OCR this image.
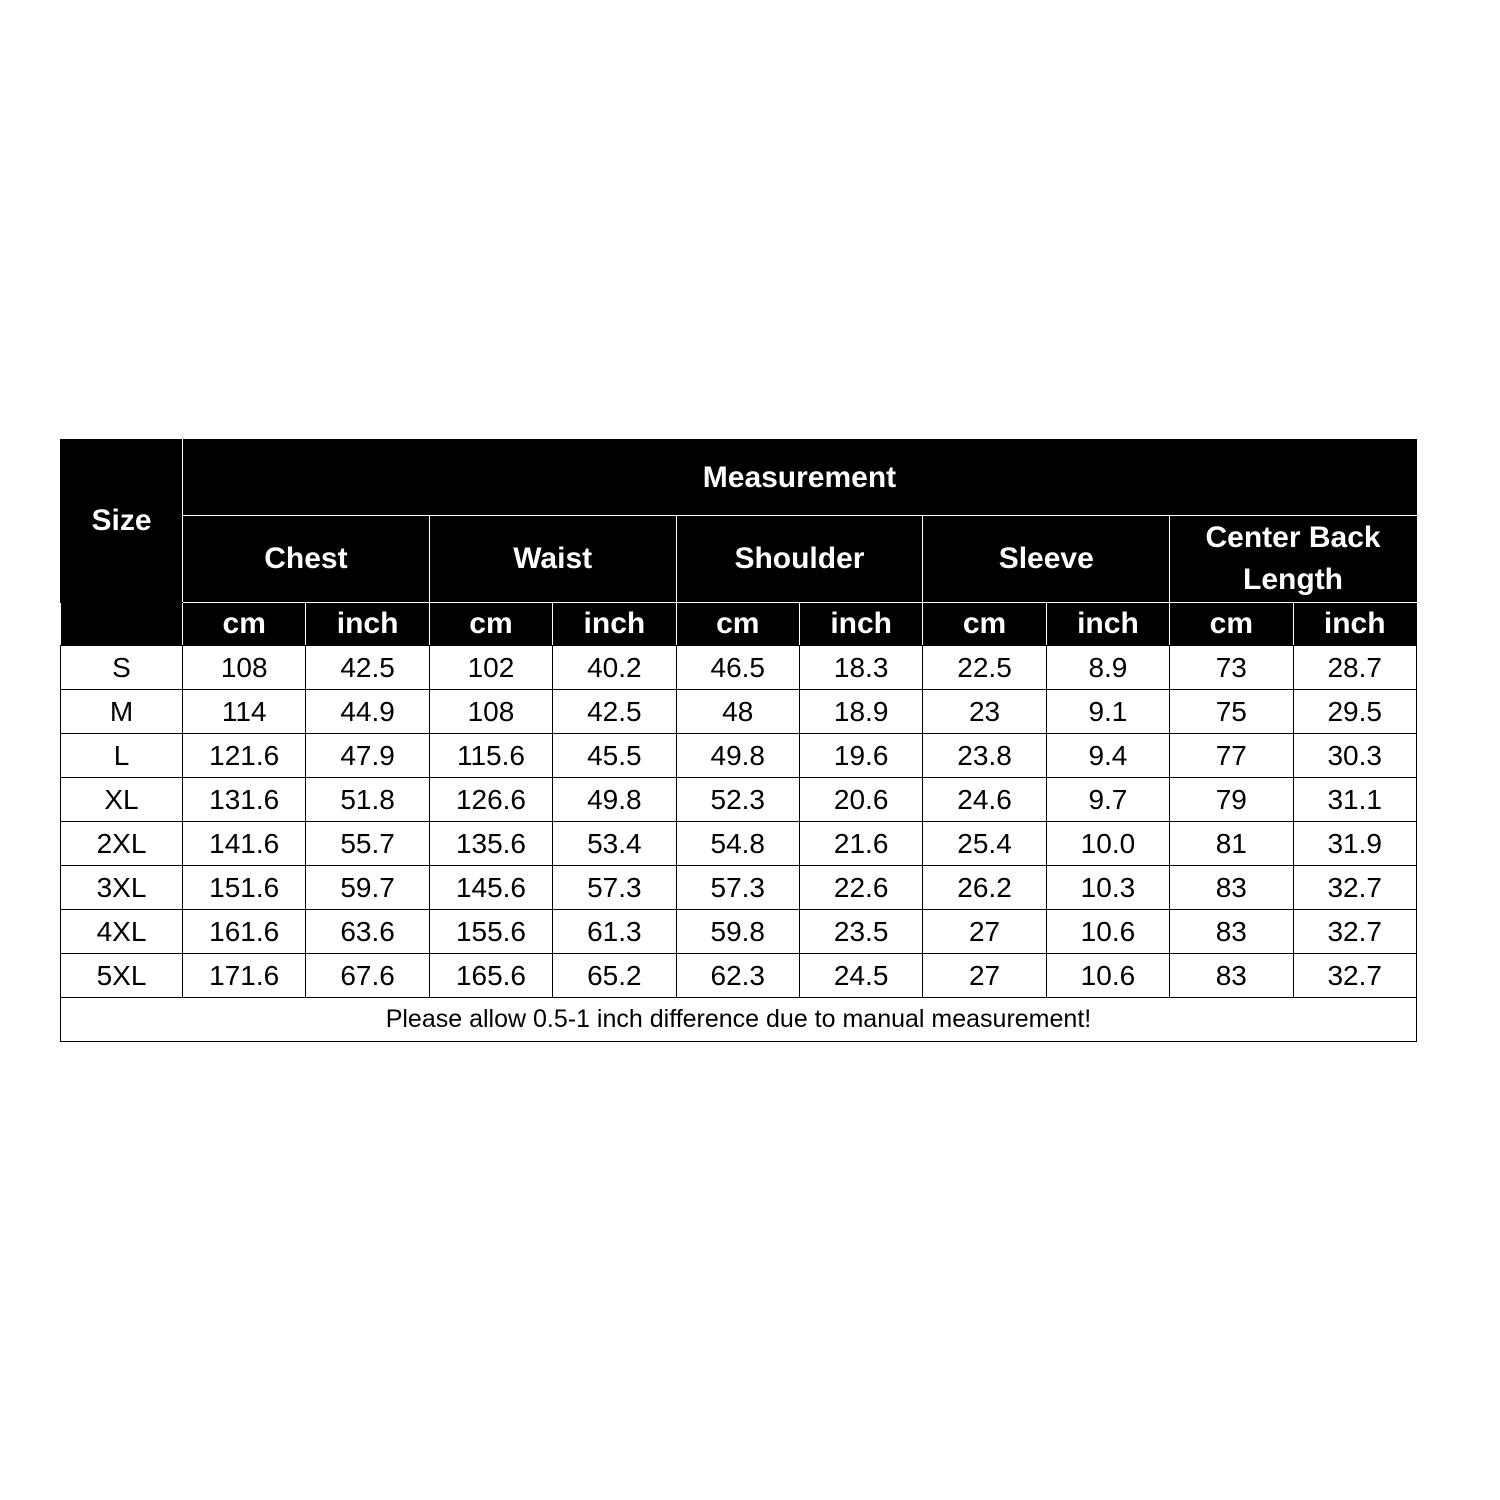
Size	Measurement									
	Chest		Waist		Shoulder		Sleeve		Center Back Length	
	cm	inch	cm	inch	cm	inch	cm	inch	cm	inch
S	108	42.5	102	40.2	46.5	18.3	22.5	8.9	73	28.7
M	114	44.9	108	42.5	48	18.9	23	9.1	75	29.5
L	121.6	47.9	115.6	45.5	49.8	19.6	23.8	9.4	77	30.3
XL	131.6	51.8	126.6	49.8	52.3	20.6	24.6	9.7	79	31.1
2XL	141.6	55.7	135.6	53.4	54.8	21.6	25.4	10.0	81	31.9
3XL	151.6	59.7	145.6	57.3	57.3	22.6	26.2	10.3	83	32.7
4XL	161.6	63.6	155.6	61.3	59.8	23.5	27	10.6	83	32.7
5XL	171.6	67.6	165.6	65.2	62.3	24.5	27	10.6	83	32.7
Please allow 0.5-1 inch difference due to manual measurement!										
